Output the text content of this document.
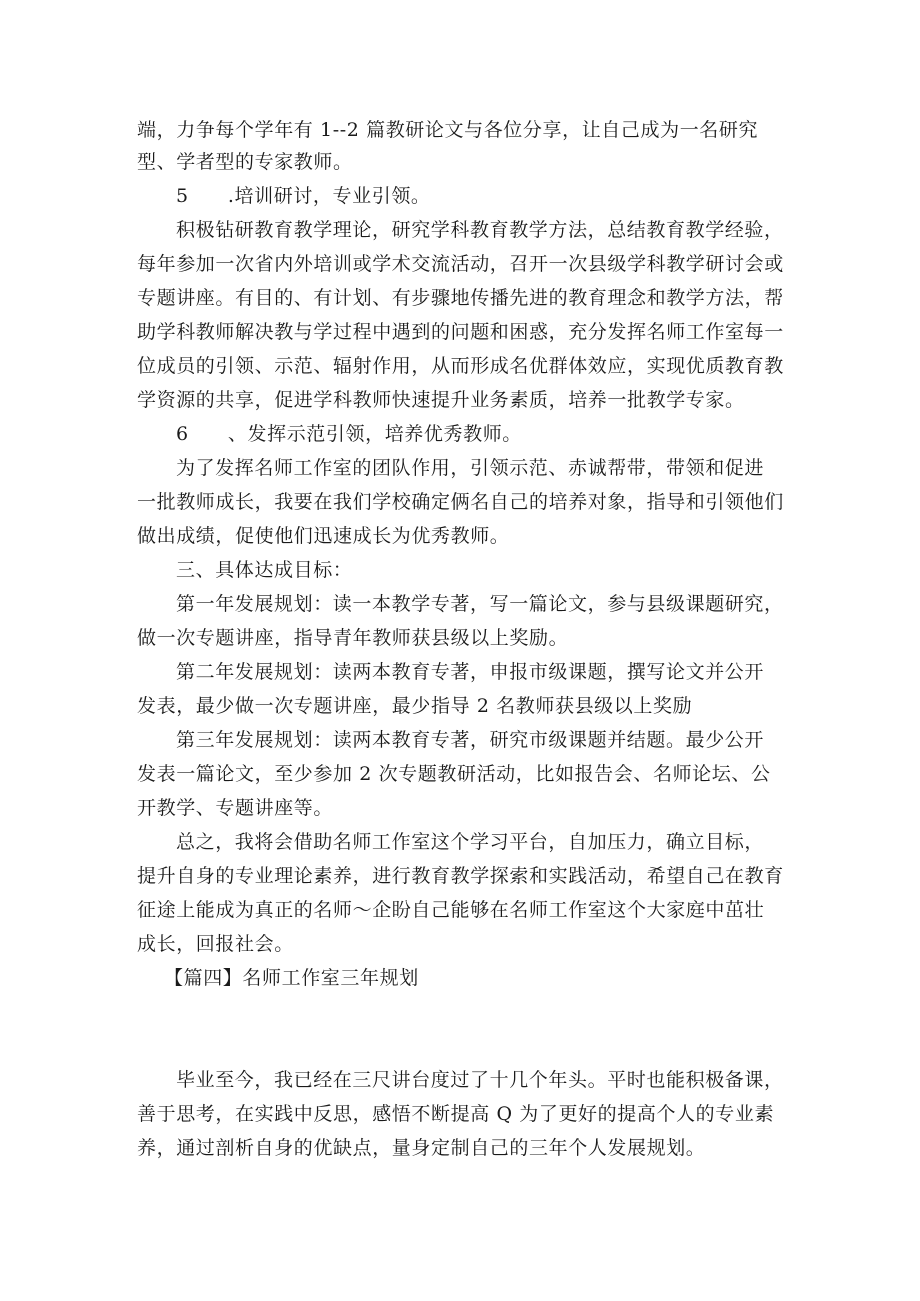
端，力争每个学年有 1--2 篇教研论文与各位分享，让自己成为一名研究
型、学者型的专家教师。
5　　.培训研讨，专业引领。
积极钻研教育教学理论，研究学科教育教学方法，总结教育教学经验，
每年参加一次省内外培训或学术交流活动，召开一次县级学科教学研讨会或
专题讲座。有目的、有计划、有步骤地传播先进的教育理念和教学方法，帮
助学科教师解决教与学过程中遇到的问题和困惑，充分发挥名师工作室每一
位成员的引领、示范、辐射作用，从而形成名优群体效应，实现优质教育教
学资源的共享，促进学科教师快速提升业务素质，培养一批教学专家。
6　　、发挥示范引领，培养优秀教师。
为了发挥名师工作室的团队作用，引领示范、赤诚帮带，带领和促进
一批教师成长，我要在我们学校确定俩名自己的培养对象，指导和引领他们
做出成绩，促使他们迅速成长为优秀教师。
三、具体达成目标：
第一年发展规划：读一本教学专著，写一篇论文，参与县级课题研究，
做一次专题讲座，指导青年教师获县级以上奖励。
第二年发展规划：读两本教育专著，申报市级课题，撰写论文并公开
发表，最少做一次专题讲座，最少指导 2 名教师获县级以上奖励
第三年发展规划：读两本教育专著，研究市级课题并结题。最少公开
发表一篇论文，至少参加 2 次专题教研活动，比如报告会、名师论坛、公
开教学、专题讲座等。
总之，我将会借助名师工作室这个学习平台，自加压力，确立目标，
提升自身的专业理论素养，进行教育教学探索和实践活动，希望自己在教育
征途上能成为真正的名师～企盼自己能够在名师工作室这个大家庭中茁壮
成长，回报社会。
【篇四】名师工作室三年规划
毕业至今，我已经在三尺讲台度过了十几个年头。平时也能积极备课，
善于思考，在实践中反思，感悟不断提高 Q 为了更好的提高个人的专业素
养，通过剖析自身的优缺点，量身定制自己的三年个人发展规划。
